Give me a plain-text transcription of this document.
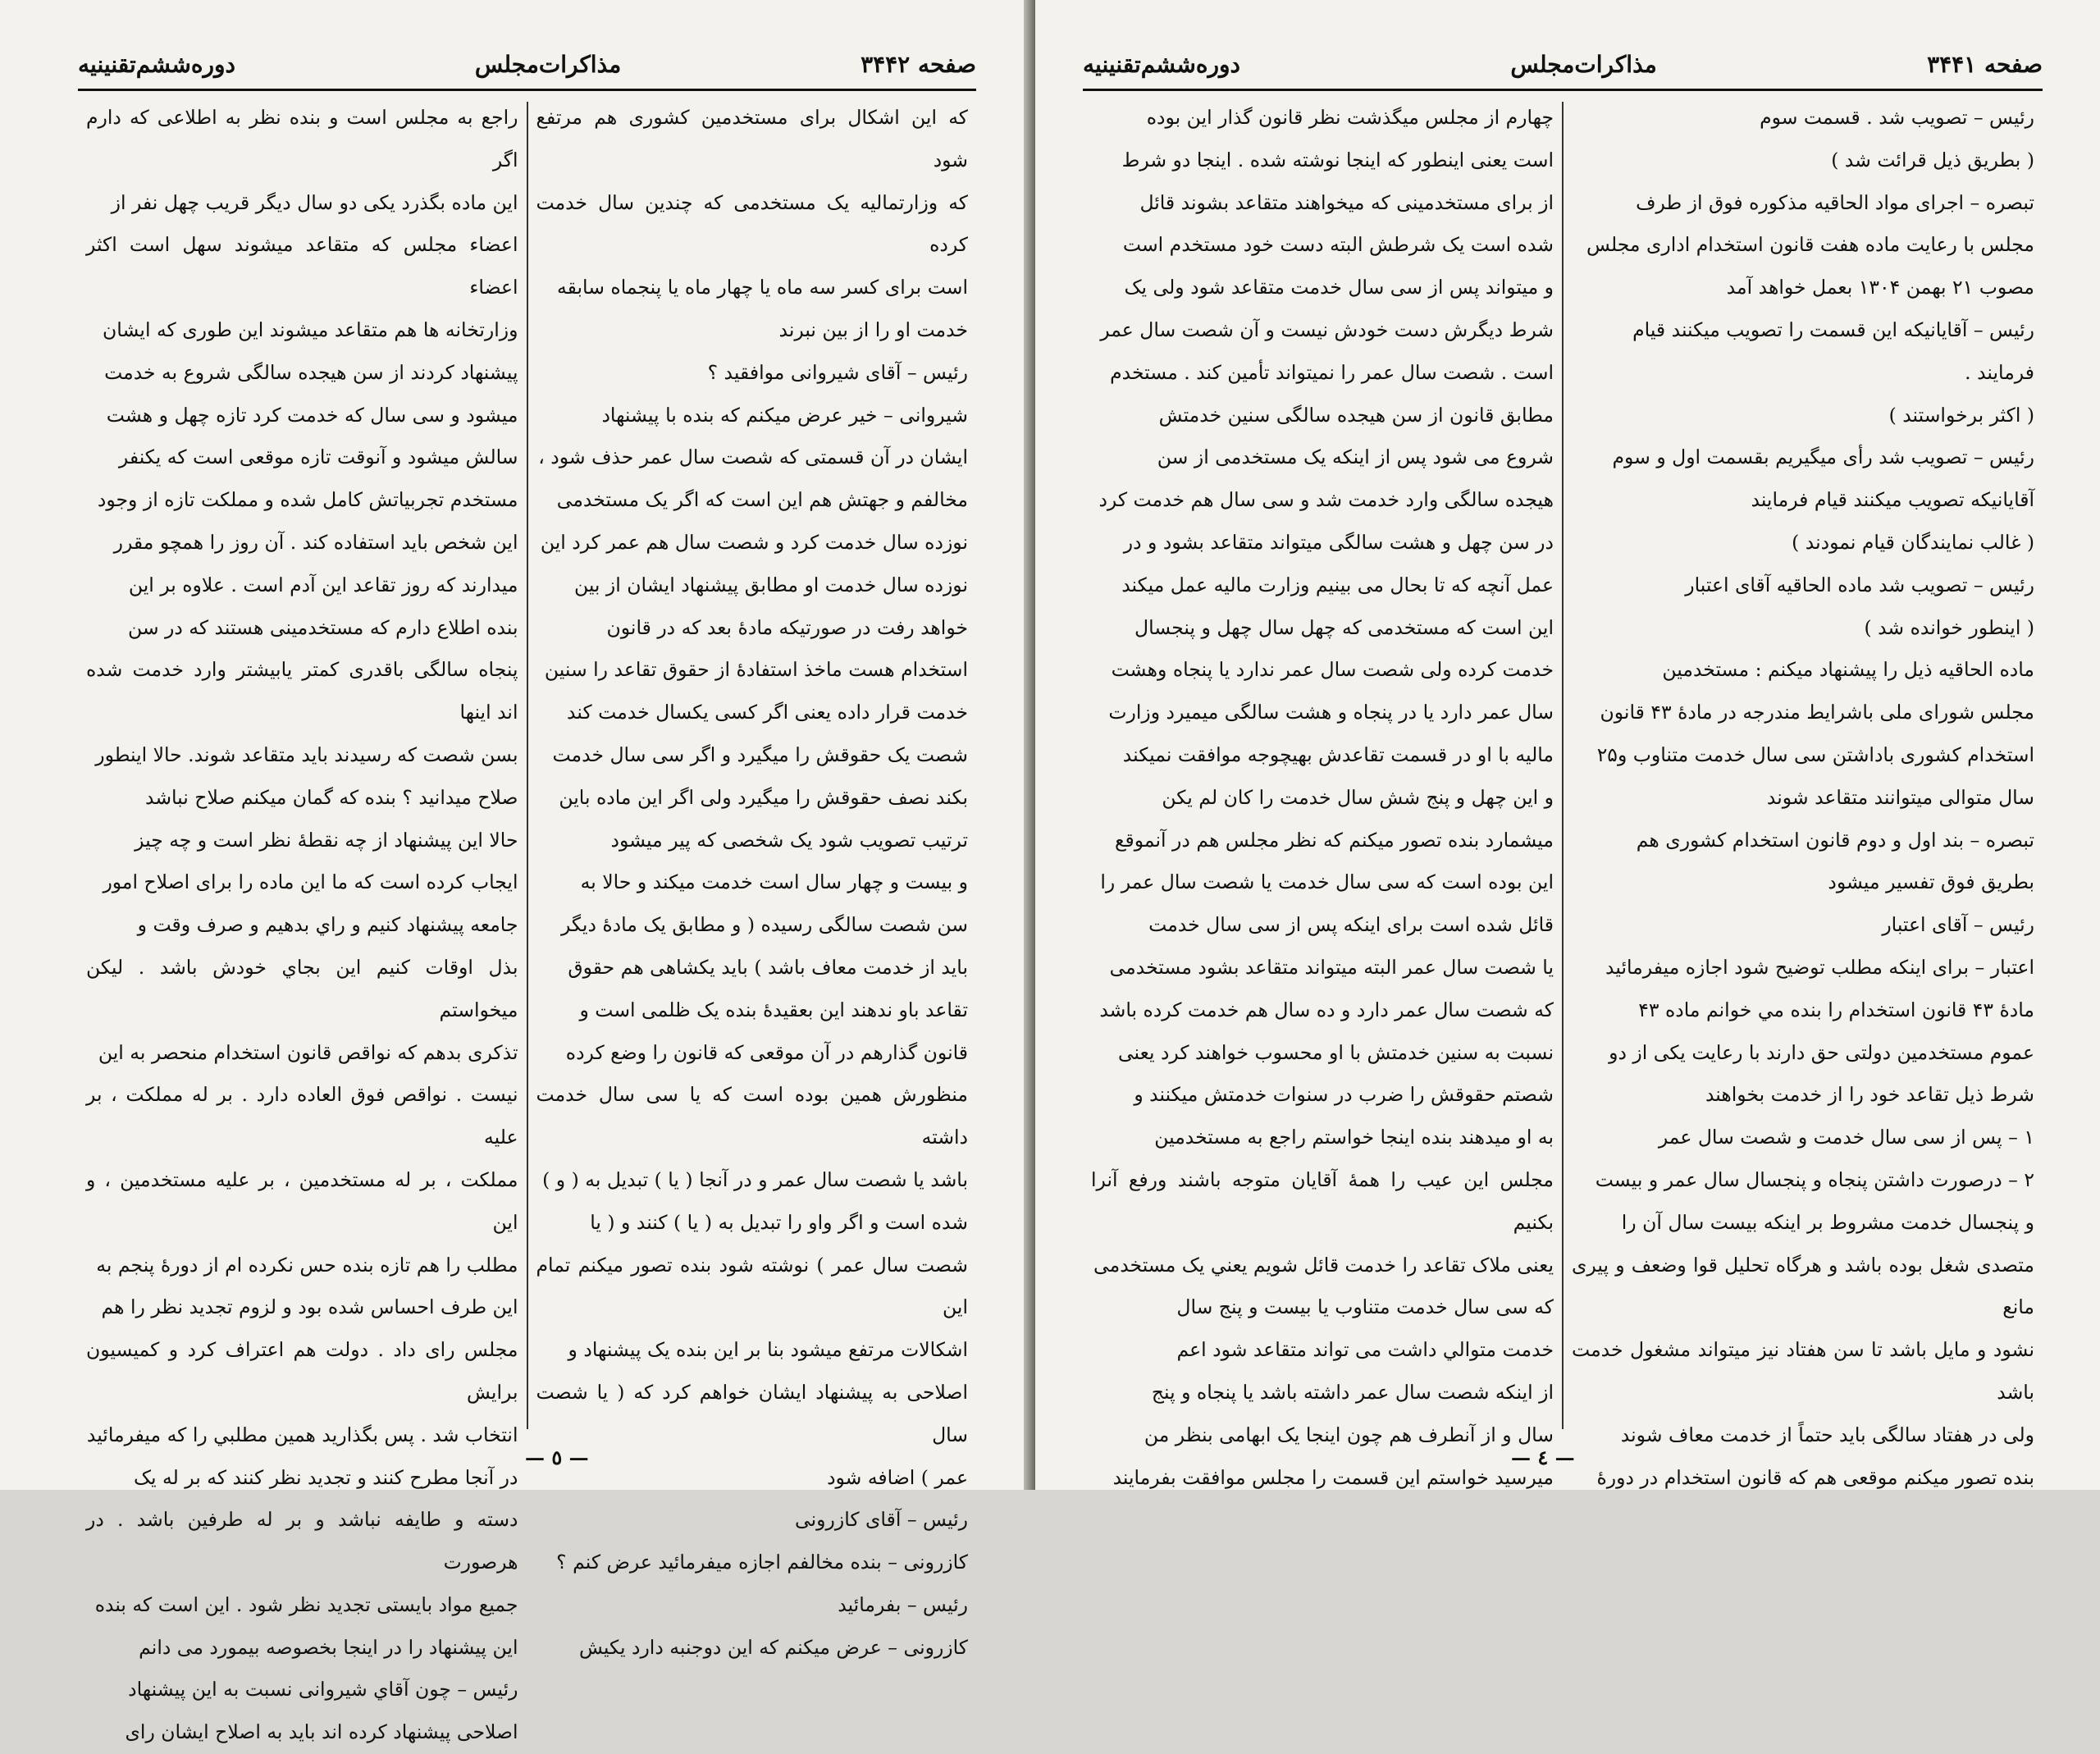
دوره‌ششم‌تقنینیه	مذاکرات‌مجلس	صفحه ۳۴۴۲

که این اشکال برای مستخدمین کشوری هم مرتفع شود

که وزارتمالیه یک مستخدمی که چندین سال خدمت کرده

است برای کسر سه ماه یا چهار ماه یا پنجماه سابقه

خدمت او را از بین نبرند

رئیس – آقای شیروانی موافقید ؟

شیروانی – خیر عرض میکنم که بنده با پیشنهاد

ایشان در آن قسمتی که شصت سال عمر حذف شود ،

مخالفم و جهتش هم این است که اگر یک مستخدمی

نوزده سال خدمت کرد و شصت سال هم عمر کرد این

نوزده سال خدمت او مطابق پیشنهاد ایشان از بین

خواهد رفت در صورتیکه مادهٔ بعد که در قانون

استخدام هست ماخذ استفادهٔ از حقوق تقاعد را سنین

خدمت قرار داده یعنی اگر کسی یکسال خدمت کند

شصت یک حقوقش را میگیرد و اگر سی سال خدمت

بکند نصف حقوقش را میگیرد ولی اگر این ماده باین

ترتیب تصویب شود یک شخصی که پیر میشود

و بیست و چهار سال است خدمت میکند و حالا به

سن شصت سالگی رسیده ( و مطابق یک مادهٔ دیگر

باید از خدمت معاف باشد ) باید یکشاهی هم حقوق

تقاعد باو ندهند این بعقیدهٔ بنده یک ظلمی است و

قانون گذارهم در آن موقعی که قانون را وضع کرده

منظورش همین بوده است که یا سی سال خدمت داشته

باشد یا شصت سال عمر و در آنجا ( یا ) تبدیل به ( و )

شده است و اگر واو را تبدیل به ( یا ) کنند و ( یا

شصت سال عمر ) نوشته شود بنده تصور میکنم تمام این

اشکالات مرتفع میشود بنا بر این بنده یک پیشنهاد و

اصلاحی به پیشنهاد ایشان خواهم کرد که ( یا شصت سال

عمر ) اضافه شود

رئیس – آقای کازرونی

کازرونی – بنده مخالفم اجازه میفرمائید عرض کنم ؟

رئیس – بفرمائید

کازرونی – عرض میکنم که این دوجنبه دارد یکیش

راجع به مجلس است و بنده نظر به اطلاعی که دارم اگر

این ماده بگذرد یکی دو سال دیگر قریب چهل نفر از

اعضاء مجلس که متقاعد میشوند سهل است اکثر اعضاء

وزارتخانه ها هم متقاعد میشوند این طوری که ایشان

پیشنهاد کردند از سن هیجده سالگی شروع به خدمت

میشود و سی سال که خدمت کرد تازه چهل و هشت

سالش میشود و آنوقت تازه موقعی است که یکنفر

مستخدم تجربیاتش کامل شده و مملکت تازه از وجود

این شخص باید استفاده کند . آن روز را همچو مقرر

میدارند که روز تقاعد این آدم است . علاوه بر این

بنده اطلاع دارم که مستخدمینی هستند که در سن

پنجاه سالگی باقدری کمتر یابیشتر وارد خدمت شده اند اینها

بسن شصت که رسیدند باید متقاعد شوند. حالا اینطور

صلاح میدانید ؟ بنده که گمان میکنم صلاح نباشد

حالا این پیشنهاد از چه نقطهٔ نظر است و چه چیز

ایجاب کرده است که ما این ماده را برای اصلاح امور

جامعه پیشنهاد کنیم و راي بدهیم و صرف وقت و

بذل اوقات کنیم این بجاي خودش باشد . لیکن میخواستم

تذکری بدهم که نواقص قانون استخدام منحصر به این

نیست . نواقص فوق العاده دارد . بر له مملکت ، بر علیه

مملکت ، بر له مستخدمین ، بر علیه مستخدمین ، و این

مطلب را هم تازه بنده حس نکرده ام از دورهٔ پنجم به

این طرف احساس شده بود و لزوم تجدید نظر را هم

مجلس رای داد . دولت هم اعتراف کرد و کمیسیون برایش

انتخاب شد . پس بگذارید همین مطلبي را که میفرمائید

در آنجا مطرح کنند و تجدید نظر کنند که بر له یک

دسته و طایفه نباشد و بر له طرفین باشد . در هرصورت

جمیع مواد بایستی تجدید نظر شود . این است که بنده

این پیشنهاد را در اینجا بخصوصه بیمورد می دانم

رئیس – چون آقاي شیروانی نسبت به این پیشنهاد

اصلاحی پیشنهاد کرده اند باید به اصلاح ایشان رای

— ٥ —
دوره‌ششم‌تقنینیه	مذاکرات‌مجلس	صفحه ۳۴۴۱

رئیس – تصویب شد . قسمت سوم

( بطریق ذیل قرائت شد )

تبصره – اجرای مواد الحاقیه مذکوره فوق از طرف

مجلس با رعایت ماده هفت قانون استخدام اداری مجلس

مصوب ۲۱ بهمن ۱۳۰۴ بعمل خواهد آمد

رئیس – آقایانیکه این قسمت را تصویب میکنند قیام

فرمایند .

( اکثر برخواستند )

رئیس – تصویب شد رأی میگیریم بقسمت اول و سوم

آقایانیکه تصویب میکنند قیام فرمایند

( غالب نمایندگان قیام نمودند )

رئیس – تصویب شد ماده الحاقیه آقای اعتبار

( اینطور خوانده شد )

ماده الحاقیه ذیل را پیشنهاد میکنم : مستخدمین

مجلس شورای ملی باشرایط مندرجه در مادهٔ ۴۳ قانون

استخدام کشوری باداشتن سی سال خدمت متناوب و۲۵

سال متوالی میتوانند متقاعد شوند

تبصره – بند اول و دوم قانون استخدام کشوری هم

بطریق فوق تفسیر میشود

رئیس – آقای اعتبار

اعتبار – برای اینکه مطلب توضیح شود اجازه میفرمائید

مادهٔ ۴۳ قانون استخدام را بنده مي خوانم ماده ۴۳

عموم مستخدمین دولتی حق دارند با رعایت یکی از دو

شرط ذیل تقاعد خود را از خدمت بخواهند

۱ – پس از سی سال خدمت و شصت سال عمر

۲ – درصورت داشتن پنجاه و پنجسال سال عمر و بیست

و پنجسال خدمت مشروط بر اینکه بیست سال آن را

متصدی شغل بوده باشد و هرگاه تحلیل قوا وضعف و پیری مانع

نشود و مایل باشد تا سن هفتاد نیز میتواند مشغول خدمت باشد

ولی در هفتاد سالگی باید حتماً از خدمت معاف شوند

بنده تصور میکنم موقعی هم که قانون استخدام در دورهٔ

چهارم از مجلس میگذشت نظر قانون گذار این بوده

است یعنی اینطور که اینجا نوشته شده . اینجا دو شرط

از برای مستخدمینی که میخواهند متقاعد بشوند قائل

شده است یک شرطش البته دست خود مستخدم است

و میتواند پس از سی سال خدمت متقاعد شود ولی یک

شرط دیگرش دست خودش نیست و آن شصت سال عمر

است . شصت سال عمر را نمیتواند تأمین کند . مستخدم

مطابق قانون از سن هیجده سالگی سنین خدمتش

شروع می شود پس از اینکه یک مستخدمی از سن

هیجده سالگی وارد خدمت شد و سی سال هم خدمت کرد

در سن چهل و هشت سالگی میتواند متقاعد بشود و در

عمل آنچه که تا بحال می بینیم وزارت مالیه عمل میکند

این است که مستخدمی که چهل سال چهل و پنجسال

خدمت کرده ولی شصت سال عمر ندارد یا پنجاه وهشت

سال عمر دارد یا در پنجاه و هشت سالگی میمیرد وزارت

مالیه با او در قسمت تقاعدش بهیچوجه موافقت نمیکند

و این چهل و پنج شش سال خدمت را کان لم یکن

میشمارد بنده تصور میکنم که نظر مجلس هم در آنموقع

این بوده است که سی سال خدمت یا شصت سال عمر را

قائل شده است برای اینکه پس از سی سال خدمت

یا شصت سال عمر البته میتواند متقاعد بشود مستخدمی

که شصت سال عمر دارد و ده سال هم خدمت کرده باشد

نسبت به سنین خدمتش با او محسوب خواهند کرد یعنی

شصتم حقوقش را ضرب در سنوات خدمتش میکنند و

به او میدهند بنده اینجا خواستم راجع به مستخدمین

مجلس این عیب را همهٔ آقایان متوجه باشند ورفع آنرا بکنیم

یعنی ملاک تقاعد را خدمت قائل شویم یعني یک مستخدمی

که سی سال خدمت متناوب یا بیست و پنج سال

خدمت متوالي داشت می تواند متقاعد شود اعم

از اینکه شصت سال عمر داشته باشد یا پنجاه و پنج

سال و از آنطرف هم چون اینجا یک ابهامی بنظر من

میرسید خواستم این قسمت را مجلس موافقت بفرمایند

— ٤ —
